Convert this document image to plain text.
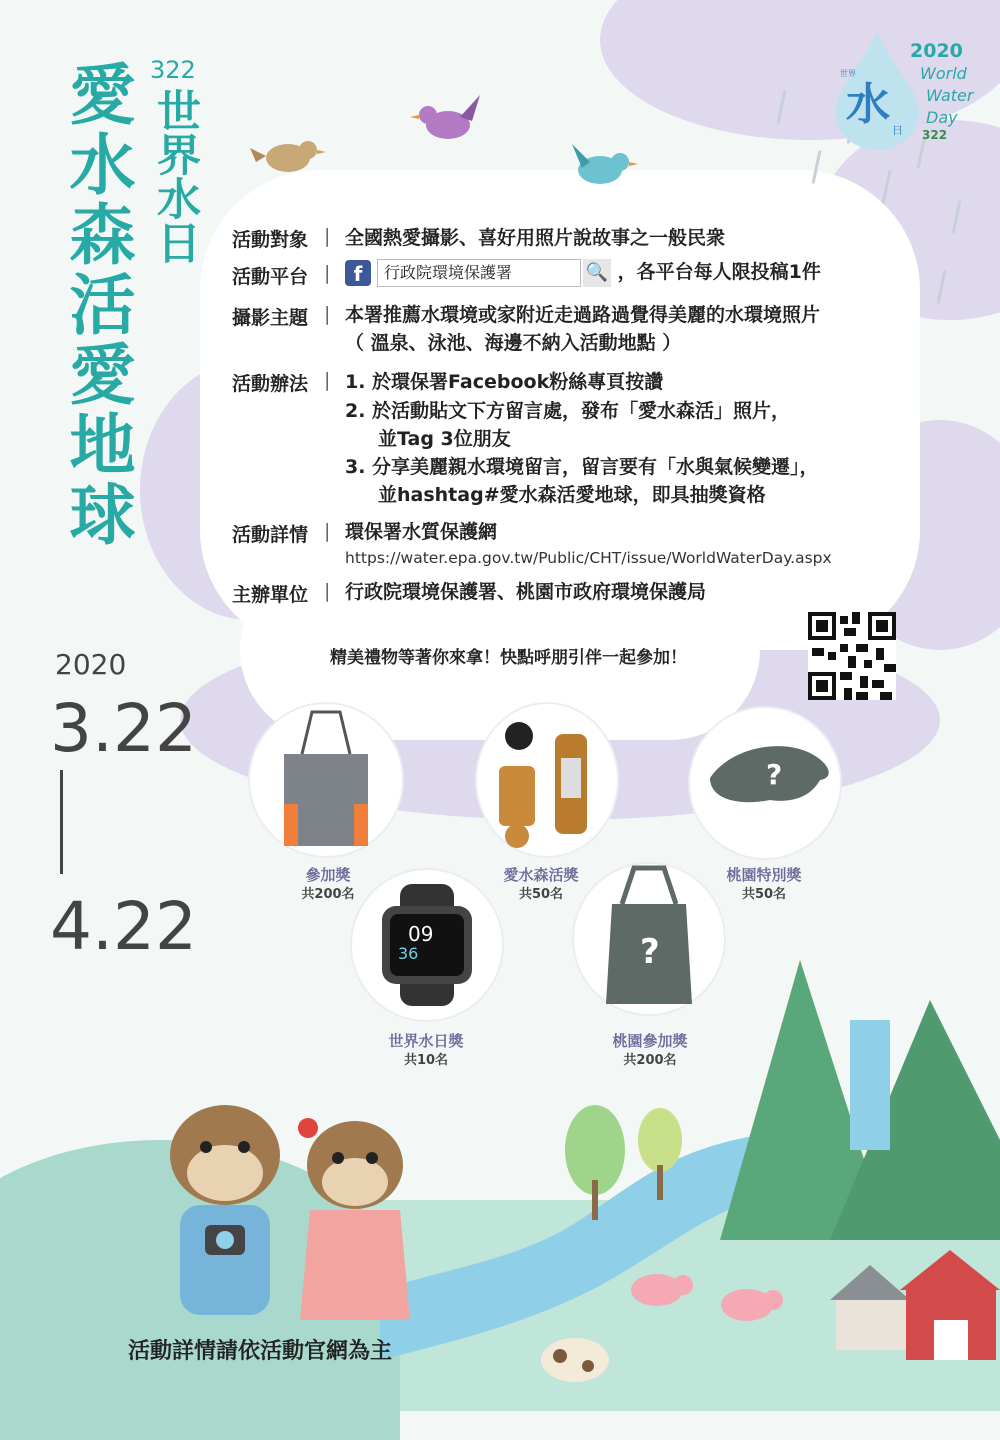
水
世界
日
2020
World
Water
Day
322
愛水森活愛地球 322
世界水日
2020
3.22
4.22
活動對象 | 全國熱愛攝影、喜好用照片說故事之一般民衆
活動平台 |	f 行政院環境保護署	🔍 ，各平台每人限投稿1件
攝影主題 | 本署推薦水環境或家附近走過路過覺得美麗的水環境照片
（ 溫泉、泳池、海邊不納入活動地點 ）
活動辦法 | 1. 於環保署Facebook粉絲專頁按讚
2. 於活動貼文下方留言處，發布「愛水森活」照片，
並Tag 3位朋友
3. 分享美麗親水環境留言，留言要有「水與氣候變遷」，
並hashtag#愛水森活愛地球，即具抽獎資格
活動詳情 | 環保署水質保護網
https://water.epa.gov.tw/Public/CHT/issue/WorldWaterDay.aspx
主辦單位 | 行政院環境保護署、桃園市政府環境保護局
精美禮物等著你來拿！快點呼朋引伴一起參加！
?
參加獎
共200名
愛水森活獎
共50名
桃園特別獎
共50名
09
36	?
世界水日獎
共10名
桃園參加獎
共200名
活動詳情請依活動官網為主
